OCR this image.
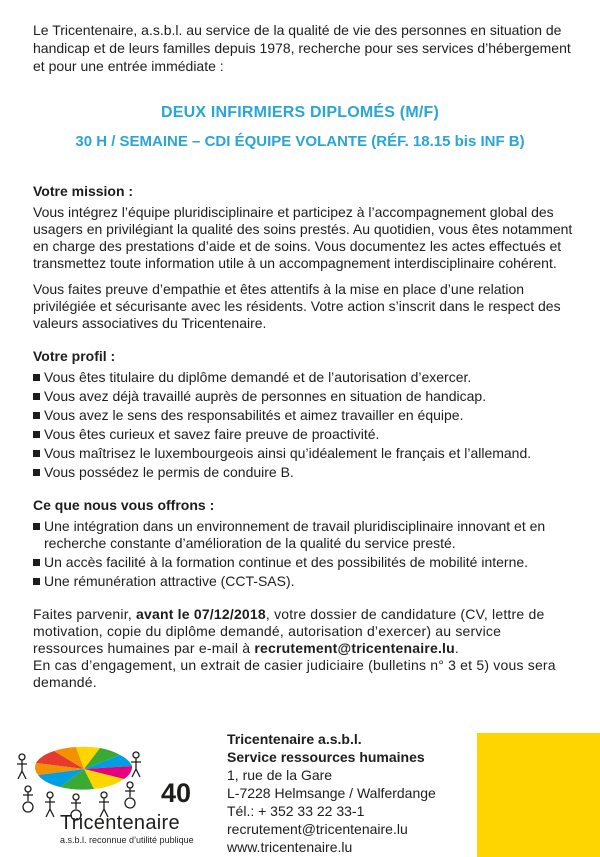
Le Tricentenaire, a.s.b.l. au service de la qualité de vie des personnes en situation de handicap et de leurs familles depuis 1978, recherche pour ses services d’hébergement et pour une entrée immédiate :

DEUX INFIRMIERS DIPLOMÉS (M/F)
30 H / SEMAINE – CDI ÉQUIPE VOLANTE (RÉF. 18.15 bis INF B)
Votre mission :

Vous intégrez l’équipe pluridisciplinaire et participez à l’accompagnement global des usagers en privilégiant la qualité des soins prestés. Au quotidien, vous êtes notamment en charge des prestations d’aide et de soins. Vous documentez les actes effectués et transmettez toute information utile à un accompagnement interdisciplinaire cohérent.

Vous faites preuve d’empathie et êtes attentifs à la mise en place d’une relation privilégiée et sécurisante avec les résidents. Votre action s’inscrit dans le respect des valeurs associatives du Tricentenaire.

Votre profil :
Vous êtes titulaire du diplôme demandé et de l’autorisation d’exercer.
Vous avez déjà travaillé auprès de personnes en situation de handicap.
Vous avez le sens des responsabilités et aimez travailler en équipe.
Vous êtes curieux et savez faire preuve de proactivité.
Vous maîtrisez le luxembourgeois ainsi qu’idéalement le français et l’allemand.
Vous possédez le permis de conduire B.
Ce que nous vous offrons :
Une intégration dans un environnement de travail pluridisciplinaire innovant et en recherche constante d’amélioration de la qualité du service presté.
Un accès facilité à la formation continue et des possibilités de mobilité interne.
Une rémunération attractive (CCT-SAS).

Faites parvenir, avant le 07/12/2018, votre dossier de candidature (CV, lettre de motivation, copie du diplôme demandé, autorisation d’exercer) au service ressources humaines par e-mail à recrutement@tricentenaire.lu.

En cas d’engagement, un extrait de casier judiciaire (bulletins n° 3 et 5) vous sera demandé.

40
Tricentenaire
a.s.b.l. reconnue d’utilité publique
Tricentenaire a.s.b.l.
Service ressources humaines
1, rue de la Gare
L-7228 Helmsange / Walferdange
Tél.: + 352 33 22 33-1
recrutement@tricentenaire.lu
www.tricentenaire.lu
